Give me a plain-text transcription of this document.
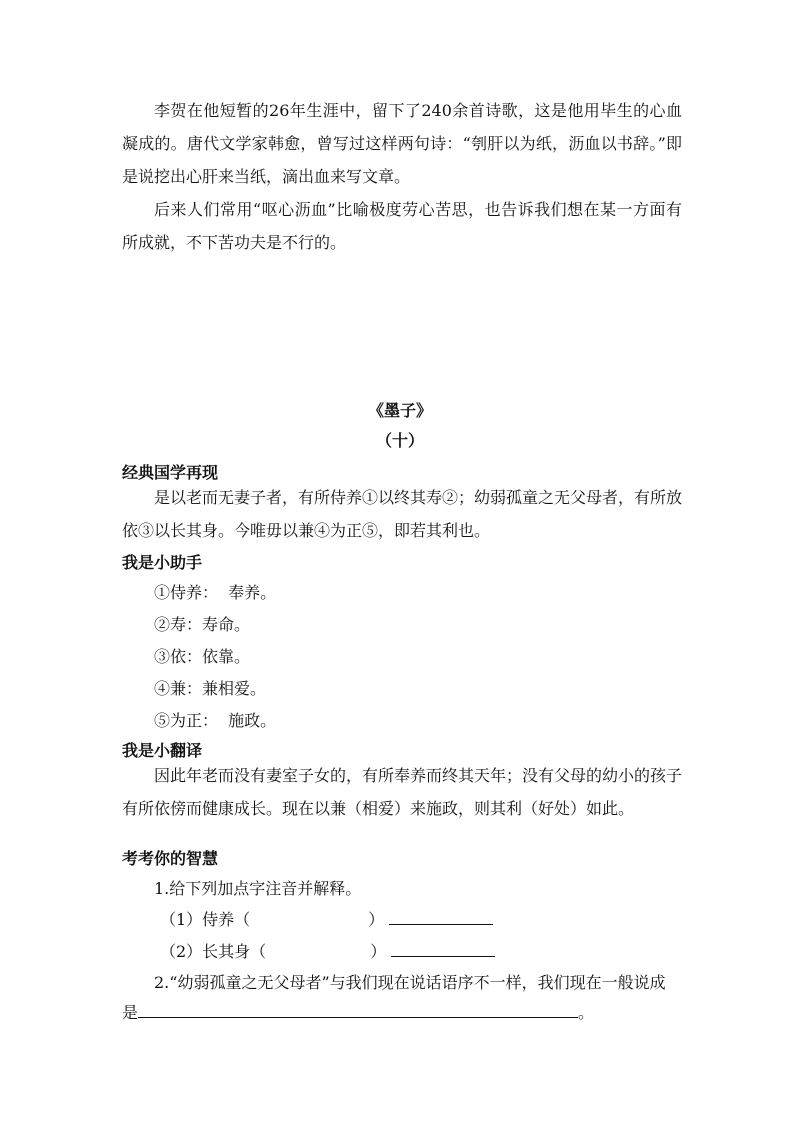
李贺在他短暂的26年生涯中，留下了240余首诗歌，这是他用毕生的心血凝成的。唐代文学家韩愈，曾写过这样两句诗：“刳肝以为纸，沥血以书辞。”即是说挖出心肝来当纸，滴出血来写文章。

后来人们常用“呕心沥血”比喻极度劳心苦思，也告诉我们想在某一方面有所成就，不下苦功夫是不行的。

《墨子》

（十）

经典国学再现

是以老而无妻子者，有所侍养①以终其寿②；幼弱孤童之无父母者，有所放依③以长其身。今唯毋以兼④为正⑤，即若其利也。

我是小助手

①侍养：  奉养。

②寿：寿命。

③依：依靠。

④兼：兼相爱。

⑤为正：  施政。

我是小翻译

因此年老而没有妻室子女的，有所奉养而终其天年；没有父母的幼小的孩子有所依傍而健康成长。现在以兼（相爱）来施政，则其利（好处）如此。

考考你的智慧

1.给下列加点字注音并解释。

（1）侍养（	）

（2）长其身（	）

2.“幼弱孤童之无父母者”与我们现在说话语序不一样，我们现在一般说成

是	。
